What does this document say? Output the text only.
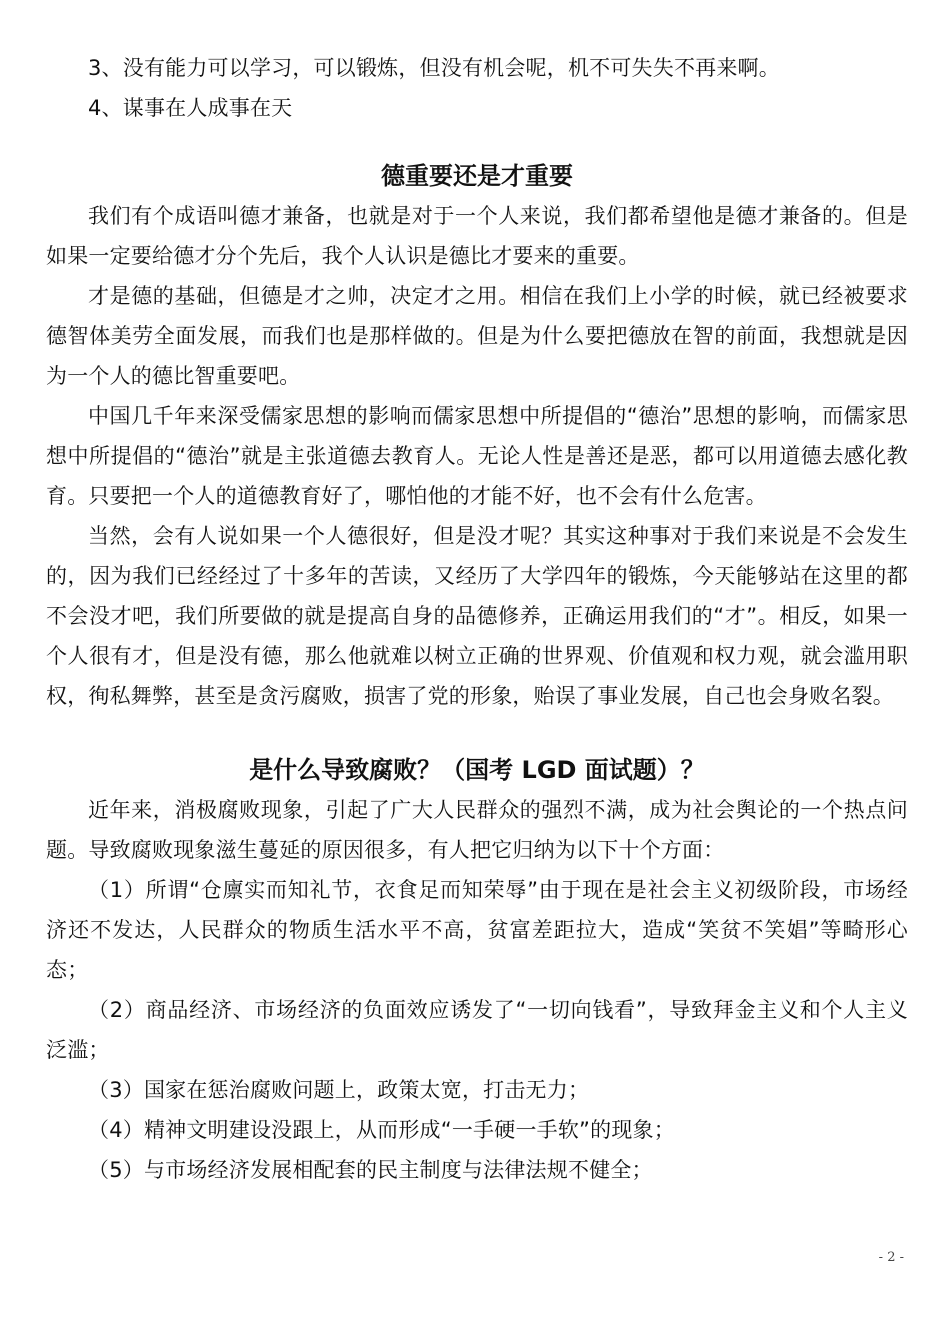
3、没有能力可以学习，可以锻炼，但没有机会呢，机不可失失不再来啊。

4、谋事在人成事在天

德重要还是才重要

我们有个成语叫德才兼备，也就是对于一个人来说，我们都希望他是德才兼备的。但是如果一定要给德才分个先后，我个人认识是德比才要来的重要。

才是德的基础，但德是才之帅，决定才之用。相信在我们上小学的时候，就已经被要求德智体美劳全面发展，而我们也是那样做的。但是为什么要把德放在智的前面，我想就是因为一个人的德比智重要吧。

中国几千年来深受儒家思想的影响而儒家思想中所提倡的“德治”思想的影响，而儒家思想中所提倡的“德治”就是主张道德去教育人。无论人性是善还是恶，都可以用道德去感化教育。只要把一个人的道德教育好了，哪怕他的才能不好，也不会有什么危害。

当然，会有人说如果一个人德很好，但是没才呢？其实这种事对于我们来说是不会发生的，因为我们已经经过了十多年的苦读，又经历了大学四年的锻炼，今天能够站在这里的都不会没才吧，我们所要做的就是提高自身的品德修养，正确运用我们的“才”。相反，如果一个人很有才，但是没有德，那么他就难以树立正确的世界观、价值观和权力观，就会滥用职权，徇私舞弊，甚至是贪污腐败，损害了党的形象，贻误了事业发展，自己也会身败名裂。

是什么导致腐败？（国考 LGD 面试题）？

近年来，消极腐败现象，引起了广大人民群众的强烈不满，成为社会舆论的一个热点问题。导致腐败现象滋生蔓延的原因很多，有人把它归纳为以下十个方面：

（1）所谓“仓廪实而知礼节，衣食足而知荣辱”由于现在是社会主义初级阶段，市场经济还不发达，人民群众的物质生活水平不高，贫富差距拉大，造成“笑贫不笑娼”等畸形心态；

（2）商品经济、市场经济的负面效应诱发了“一切向钱看”，导致拜金主义和个人主义泛滥；

（3）国家在惩治腐败问题上，政策太宽，打击无力；

（4）精神文明建设没跟上，从而形成“一手硬一手软”的现象；

（5）与市场经济发展相配套的民主制度与法律法规不健全；

- 2 -
